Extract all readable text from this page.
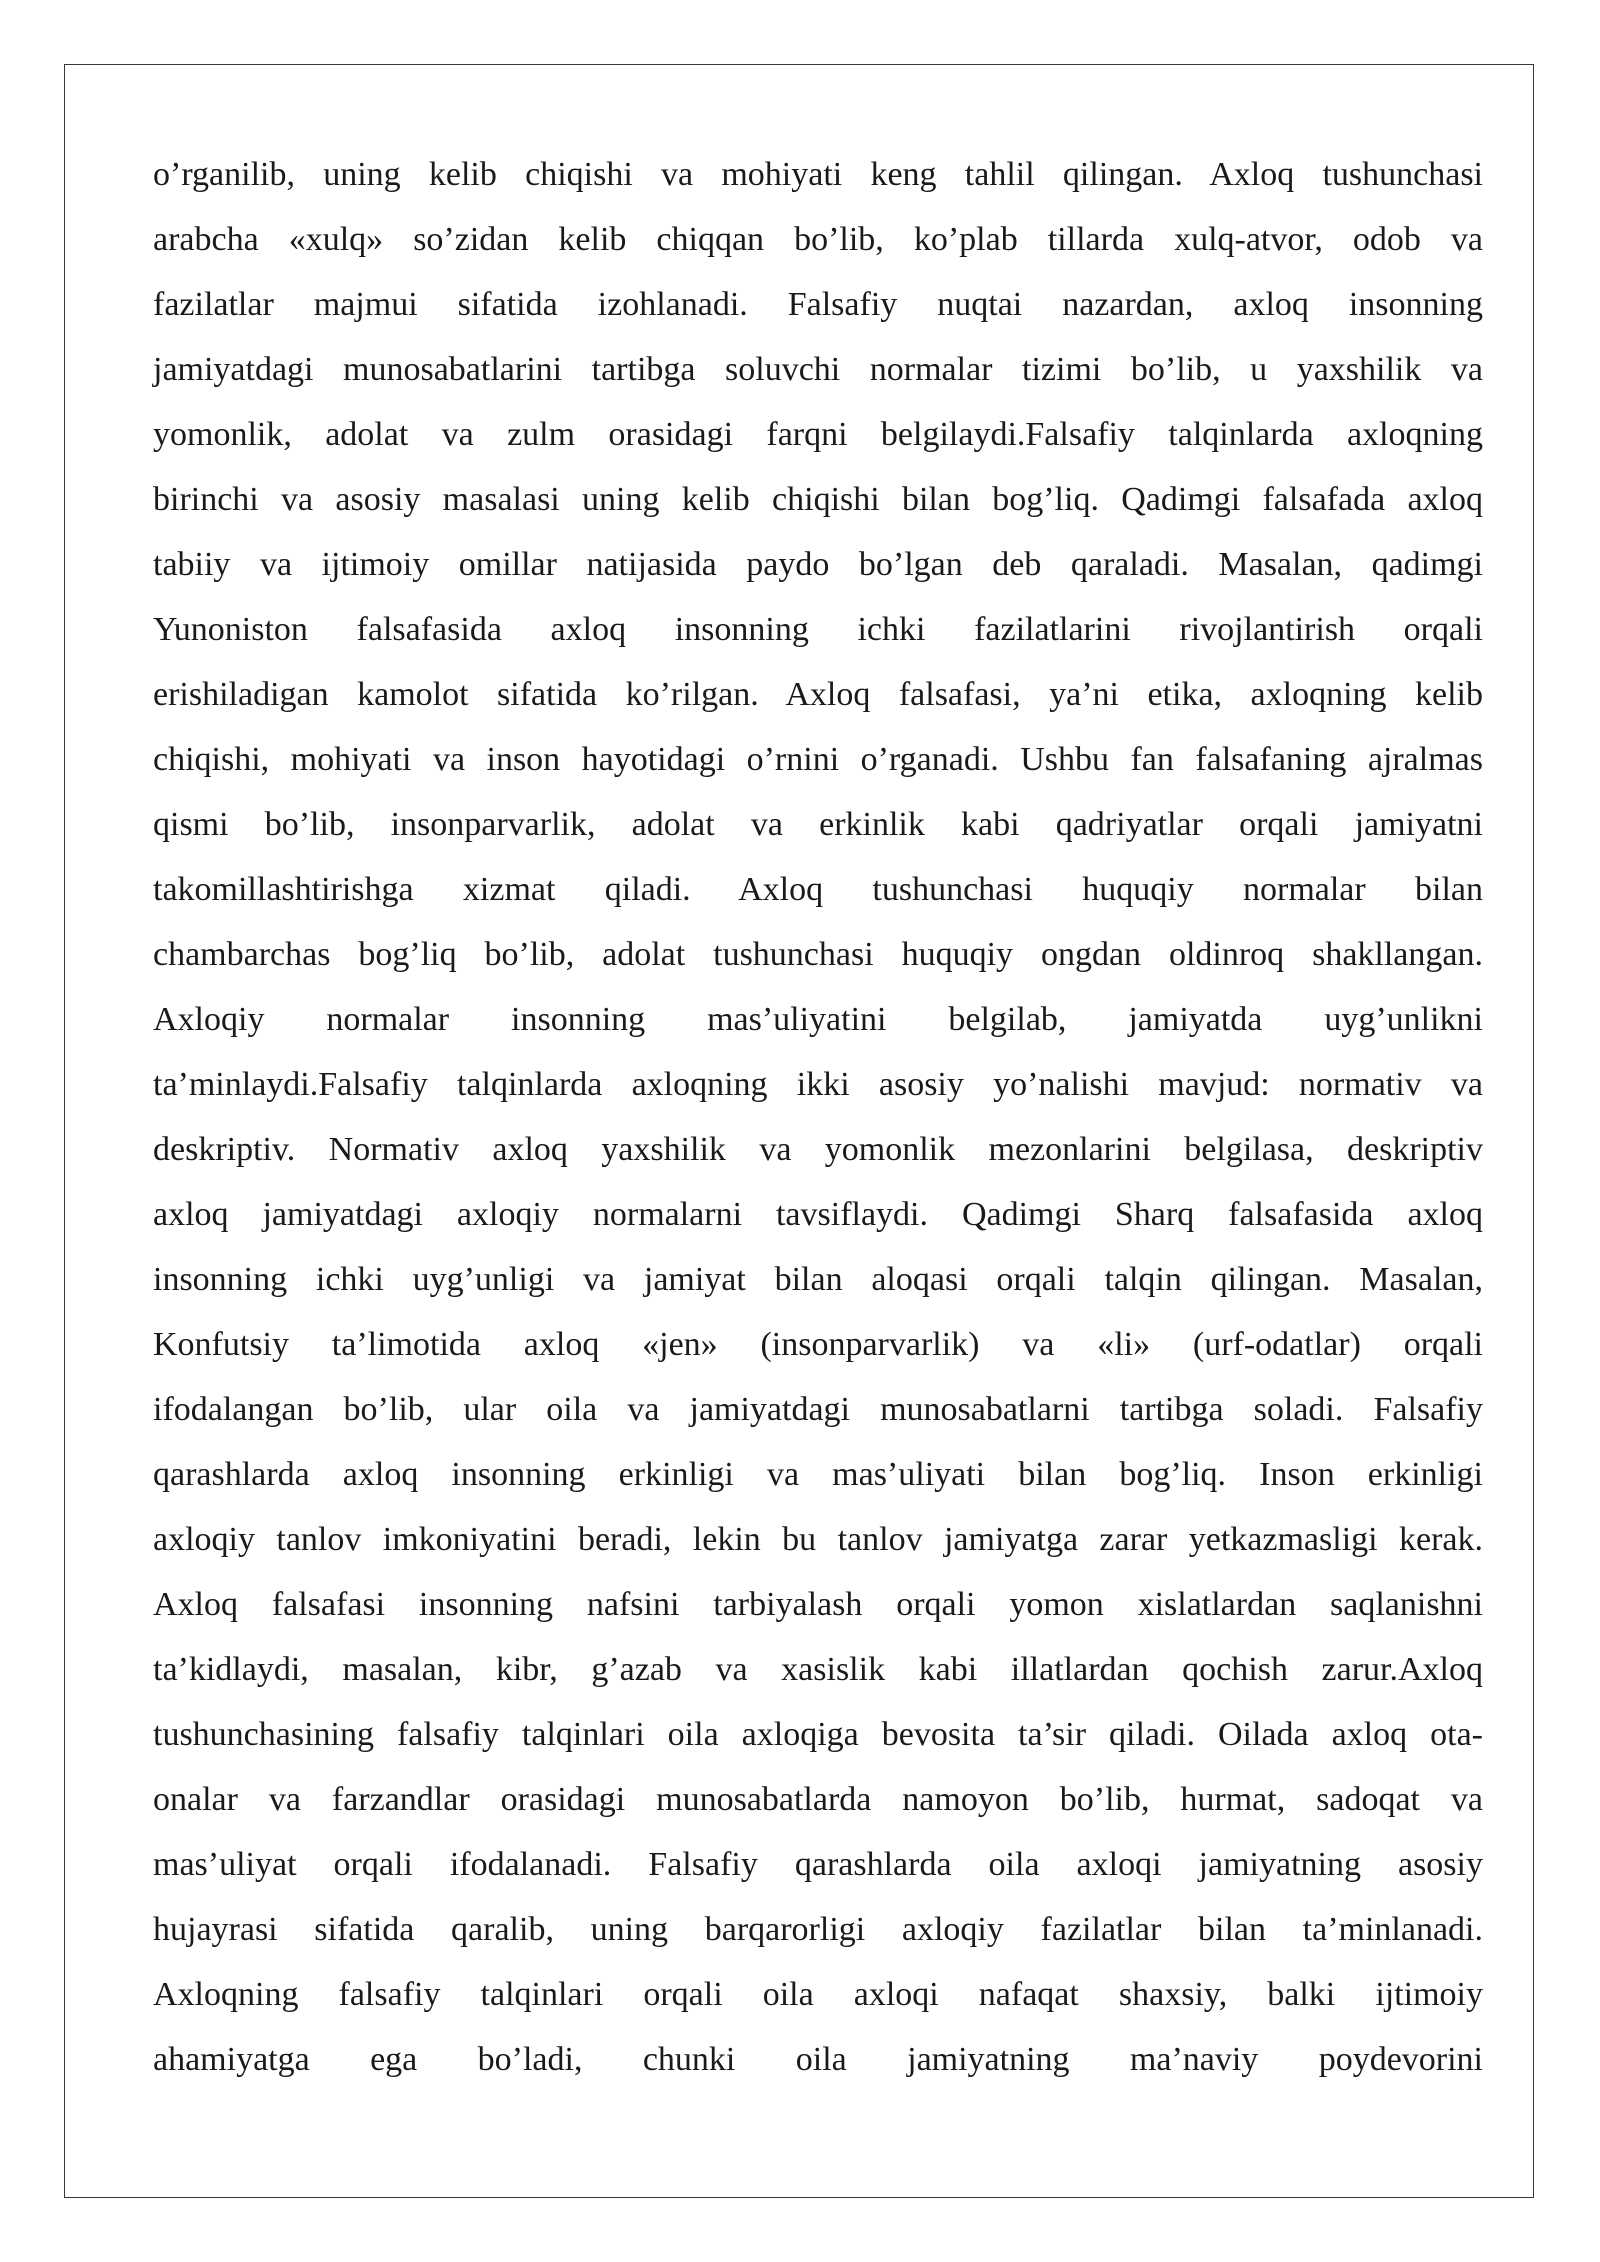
o’rganilib, uning kelib chiqishi va mohiyati keng tahlil qilingan. Axloq tushunchasi
arabcha «xulq» so’zidan kelib chiqqan bo’lib, ko’plab tillarda xulq-atvor, odob va
fazilatlar majmui sifatida izohlanadi. Falsafiy nuqtai nazardan, axloq insonning
jamiyatdagi munosabatlarini tartibga soluvchi normalar tizimi bo’lib, u yaxshilik va
yomonlik, adolat va zulm orasidagi farqni belgilaydi.Falsafiy talqinlarda axloqning
birinchi va asosiy masalasi uning kelib chiqishi bilan bog’liq. Qadimgi falsafada axloq
tabiiy va ijtimoiy omillar natijasida paydo bo’lgan deb qaraladi. Masalan, qadimgi
Yunoniston falsafasida axloq insonning ichki fazilatlarini rivojlantirish orqali
erishiladigan kamolot sifatida ko’rilgan. Axloq falsafasi, ya’ni etika, axloqning kelib
chiqishi, mohiyati va inson hayotidagi o’rnini o’rganadi. Ushbu fan falsafaning ajralmas
qismi bo’lib, insonparvarlik, adolat va erkinlik kabi qadriyatlar orqali jamiyatni
takomillashtirishga xizmat qiladi. Axloq tushunchasi huquqiy normalar bilan
chambarchas bog’liq bo’lib, adolat tushunchasi huquqiy ongdan oldinroq shakllangan.
Axloqiy normalar insonning mas’uliyatini belgilab, jamiyatda uyg’unlikni
ta’minlaydi.Falsafiy talqinlarda axloqning ikki asosiy yo’nalishi mavjud: normativ va
deskriptiv. Normativ axloq yaxshilik va yomonlik mezonlarini belgilasa, deskriptiv
axloq jamiyatdagi axloqiy normalarni tavsiflaydi. Qadimgi Sharq falsafasida axloq
insonning ichki uyg’unligi va jamiyat bilan aloqasi orqali talqin qilingan. Masalan,
Konfutsiy ta’limotida axloq «jen» (insonparvarlik) va «li» (urf-odatlar) orqali
ifodalangan bo’lib, ular oila va jamiyatdagi munosabatlarni tartibga soladi. Falsafiy
qarashlarda axloq insonning erkinligi va mas’uliyati bilan bog’liq. Inson erkinligi
axloqiy tanlov imkoniyatini beradi, lekin bu tanlov jamiyatga zarar yetkazmasligi kerak.
Axloq falsafasi insonning nafsini tarbiyalash orqali yomon xislatlardan saqlanishni
ta’kidlaydi, masalan, kibr, g’azab va xasislik kabi illatlardan qochish zarur.Axloq
tushunchasining falsafiy talqinlari oila axloqiga bevosita ta’sir qiladi. Oilada axloq ota-
onalar va farzandlar orasidagi munosabatlarda namoyon bo’lib, hurmat, sadoqat va
mas’uliyat orqali ifodalanadi. Falsafiy qarashlarda oila axloqi jamiyatning asosiy
hujayrasi sifatida qaralib, uning barqarorligi axloqiy fazilatlar bilan ta’minlanadi.
Axloqning falsafiy talqinlari orqali oila axloqi nafaqat shaxsiy, balki ijtimoiy
ahamiyatga ega bo’ladi, chunki oila jamiyatning ma’naviy poydevorini
